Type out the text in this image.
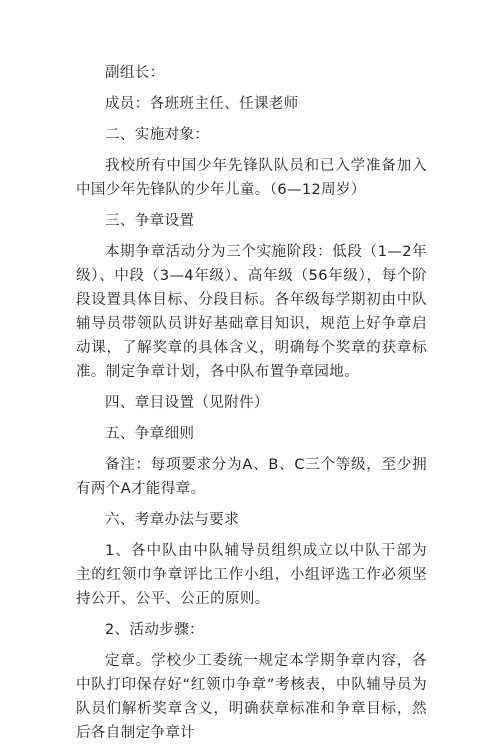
副组长：

成员：各班班主任、任课老师

二、实施对象：

我校所有中国少年先锋队队员和已入学准备加入中国少年先锋队的少年儿童。（6—12周岁）

三、争章设置

本期争章活动分为三个实施阶段：低段（1—2年级）、中段（3—4年级）、高年级（56年级），每个阶段设置具体目标、分段目标。各年级每学期初由中队辅导员带领队员讲好基础章目知识，规范上好争章启动课，了解奖章的具体含义，明确每个奖章的获章标准。制定争章计划，各中队布置争章园地。

四、章目设置（见附件）

五、争章细则

备注：每项要求分为A、B、C三个等级，至少拥有两个A才能得章。

六、考章办法与要求

1、各中队由中队辅导员组织成立以中队干部为主的红领巾争章评比工作小组，小组评选工作必须坚持公开、公平、公正的原则。

2、活动步骤：

定章。学校少工委统一规定本学期争章内容，各中队打印保存好“红领巾争章”考核表，中队辅导员为队员们解析奖章含义，明确获章标准和争章目标，然后各自制定争章计
